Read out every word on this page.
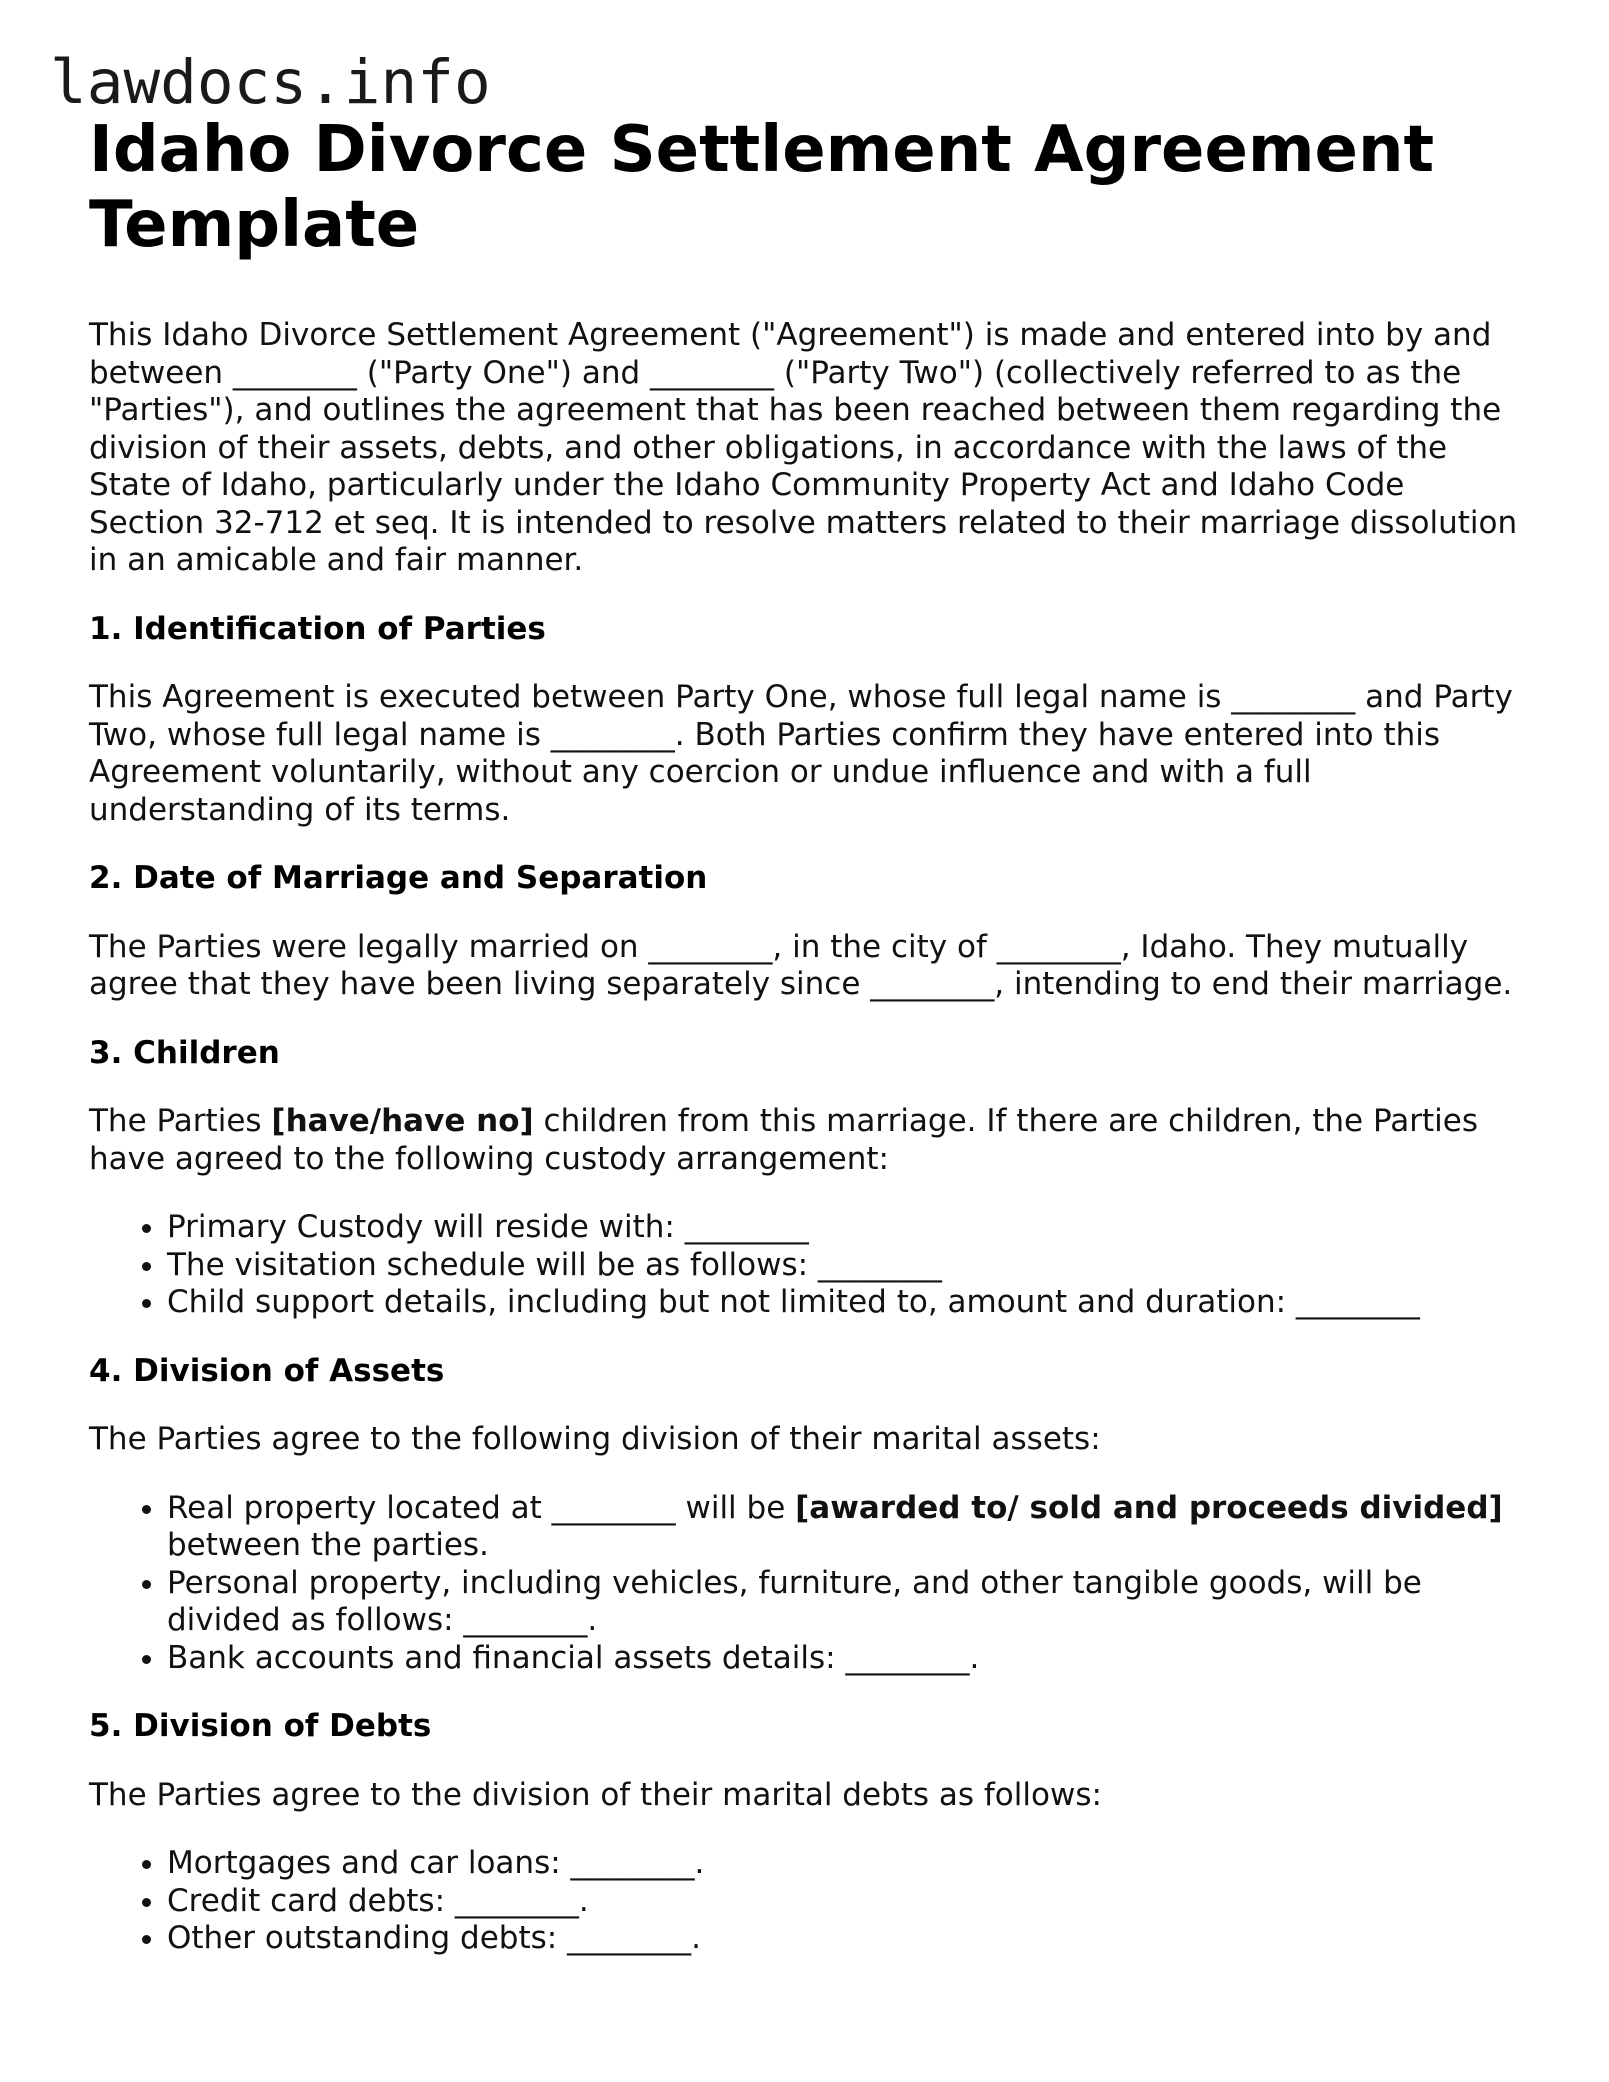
lawdocs.info
Idaho Divorce Settlement Agreement Template

This Idaho Divorce Settlement Agreement ("Agreement") is made and entered into by and between ________ ("Party One") and ________ ("Party Two") (collectively referred to as the "Parties"), and outlines the agreement that has been reached between them regarding the division of their assets, debts, and other obligations, in accordance with the laws of the State of Idaho, particularly under the Idaho Community Property Act and Idaho Code Section 32-712 et seq. It is intended to resolve matters related to their marriage dissolution in an amicable and fair manner.

1. Identification of Parties

This Agreement is executed between Party One, whose full legal name is ________ and Party Two, whose full legal name is ________. Both Parties confirm they have entered into this Agreement voluntarily, without any coercion or undue influence and with a full understanding of its terms.

2. Date of Marriage and Separation

The Parties were legally married on ________, in the city of ________, Idaho. They mutually agree that they have been living separately since ________, intending to end their marriage.

3. Children

The Parties [have/have no] children from this marriage. If there are children, the Parties have agreed to the following custody arrangement:

• Primary Custody will reside with: ________
• The visitation schedule will be as follows: ________
• Child support details, including but not limited to, amount and duration: ________
4. Division of Assets

The Parties agree to the following division of their marital assets:

• Real property located at ________ will be [awarded to/ sold and proceeds divided] between the parties.
• Personal property, including vehicles, furniture, and other tangible goods, will be divided as follows: ________.
• Bank accounts and financial assets details: ________.
5. Division of Debts

The Parties agree to the division of their marital debts as follows:

• Mortgages and car loans: ________.
• Credit card debts: ________.
• Other outstanding debts: ________.
